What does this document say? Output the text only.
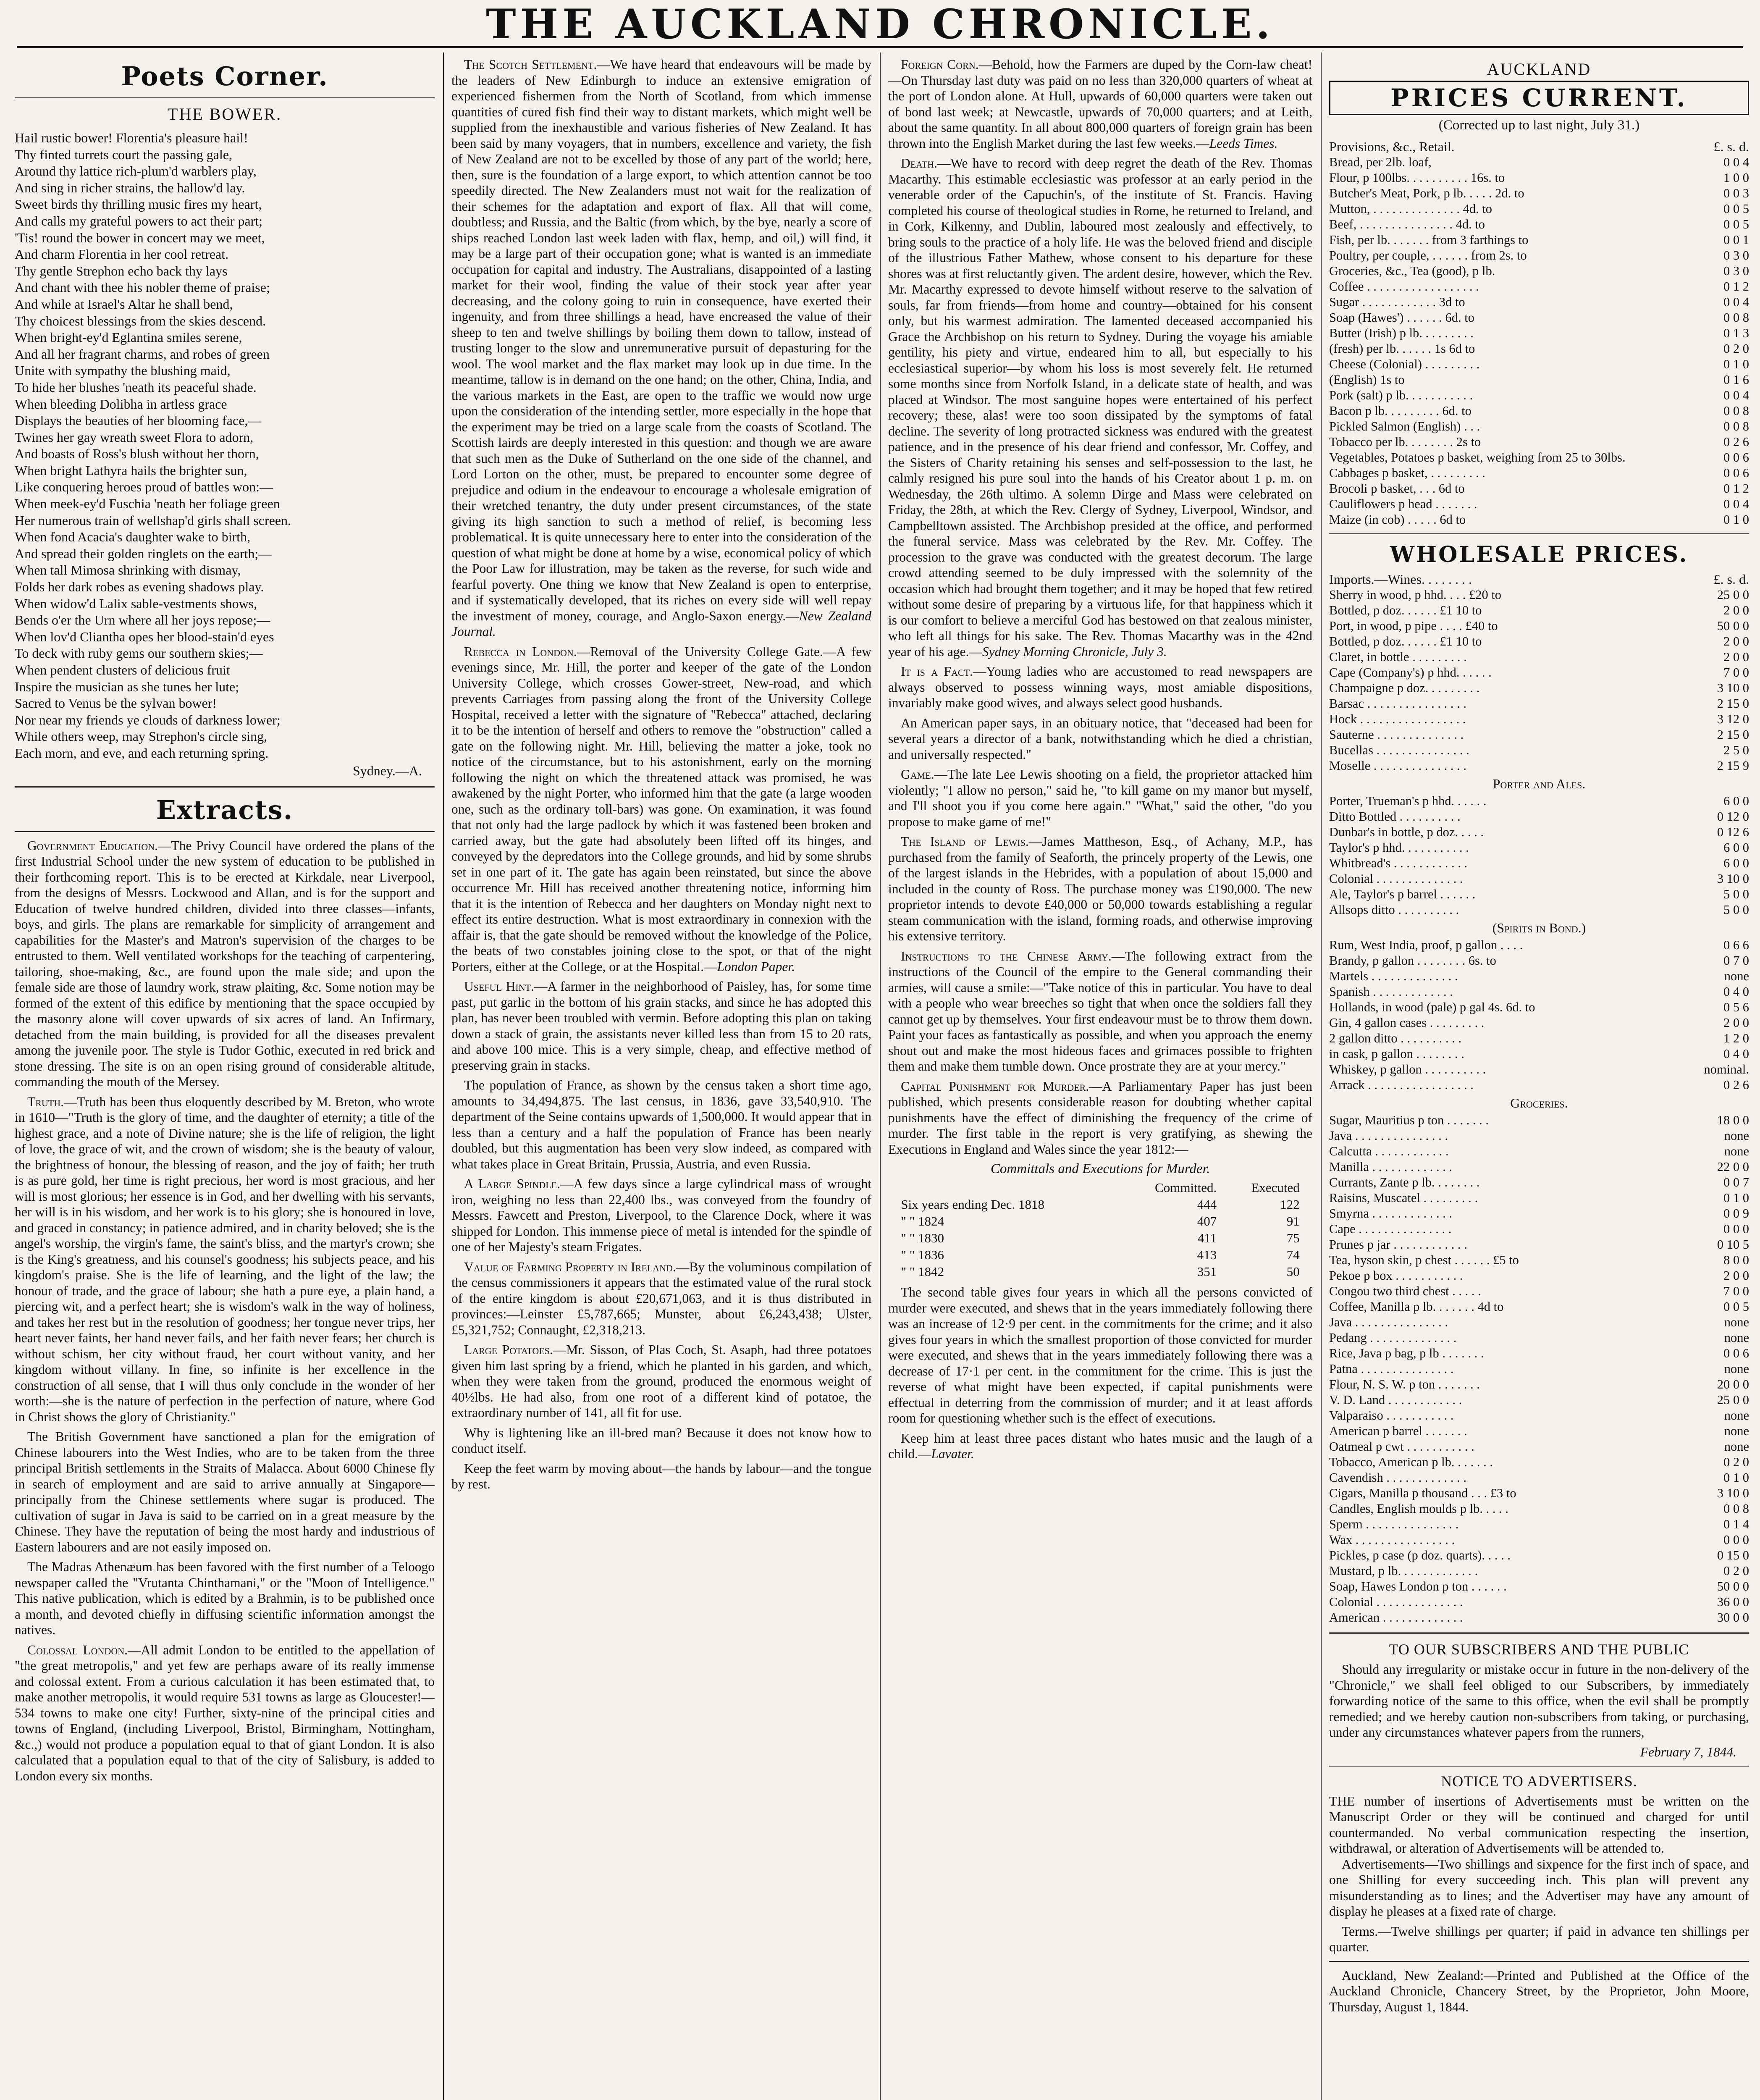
THE AUCKLAND CHRONICLE.
Poets Corner.
THE BOWER.
Hail rustic bower! Florentia's pleasure hail!
Thy finted turrets court the passing gale,
Around thy lattice rich-plum'd warblers play,
And sing in richer strains, the hallow'd lay.
Sweet birds thy thrilling music fires my heart,
And calls my grateful powers to act their part;
'Tis! round the bower in concert may we meet,
And charm Florentia in her cool retreat.
Thy gentle Strephon echo back thy lays
And chant with thee his nobler theme of praise;
And while at Israel's Altar he shall bend,
Thy choicest blessings from the skies descend.
When bright-ey'd Eglantina smiles serene,
And all her fragrant charms, and robes of green
Unite with sympathy the blushing maid,
To hide her blushes 'neath its peaceful shade.
When bleeding Dolibha in artless grace
Displays the beauties of her blooming face,—
Twines her gay wreath sweet Flora to adorn,
And boasts of Ross's blush without her thorn,
When bright Lathyra hails the brighter sun,
Like conquering heroes proud of battles won:—
When meek-ey'd Fuschia 'neath her foliage green
Her numerous train of wellshap'd girls shall screen.
When fond Acacia's daughter wake to birth,
And spread their golden ringlets on the earth;—
When tall Mimosa shrinking with dismay,
Folds her dark robes as evening shadows play.
When widow'd Lalix sable-vestments shows,
Bends o'er the Urn where all her joys repose;—
When lov'd Cliantha opes her blood-stain'd eyes
To deck with ruby gems our southern skies;—
When pendent clusters of delicious fruit
Inspire the musician as she tunes her lute;
Sacred to Venus be the sylvan bower!
Nor near my friends ye clouds of darkness lower;
While others weep, may Strephon's circle sing,
Each morn, and eve, and each returning spring.
Sydney.—A.
Extracts.

Government Education.—The Privy Council have ordered the plans of the first Industrial School under the new system of education to be published in their forthcoming report. This is to be erected at Kirkdale, near Liverpool, from the designs of Messrs. Lockwood and Allan, and is for the support and Education of twelve hundred children, divided into three classes—infants, boys, and girls. The plans are remarkable for simplicity of arrangement and capabilities for the Master's and Matron's supervision of the charges to be entrusted to them. Well ventilated workshops for the teaching of carpentering, tailoring, shoe-making, &c., are found upon the male side; and upon the female side are those of laundry work, straw plaiting, &c. Some notion may be formed of the extent of this edifice by mentioning that the space occupied by the masonry alone will cover upwards of six acres of land. An Infirmary, detached from the main building, is provided for all the diseases prevalent among the juvenile poor. The style is Tudor Gothic, executed in red brick and stone dressing. The site is on an open rising ground of considerable altitude, commanding the mouth of the Mersey.

Truth.—Truth has been thus eloquently described by M. Breton, who wrote in 1610—"Truth is the glory of time, and the daughter of eternity; a title of the highest grace, and a note of Divine nature; she is the life of religion, the light of love, the grace of wit, and the crown of wisdom; she is the beauty of valour, the brightness of honour, the blessing of reason, and the joy of faith; her truth is as pure gold, her time is right precious, her word is most gracious, and her will is most glorious; her essence is in God, and her dwelling with his servants, her will is in his wisdom, and her work is to his glory; she is honoured in love, and graced in constancy; in patience admired, and in charity beloved; she is the angel's worship, the virgin's fame, the saint's bliss, and the martyr's crown; she is the King's greatness, and his counsel's goodness; his subjects peace, and his kingdom's praise. She is the life of learning, and the light of the law; the honour of trade, and the grace of labour; she hath a pure eye, a plain hand, a piercing wit, and a perfect heart; she is wisdom's walk in the way of holiness, and takes her rest but in the resolution of goodness; her tongue never trips, her heart never faints, her hand never fails, and her faith never fears; her church is without schism, her city without fraud, her court without vanity, and her kingdom without villany. In fine, so infinite is her excellence in the construction of all sense, that I will thus only conclude in the wonder of her worth:—she is the nature of perfection in the perfection of nature, where God in Christ shows the glory of Christianity."

The British Government have sanctioned a plan for the emigration of Chinese labourers into the West Indies, who are to be taken from the three principal British settlements in the Straits of Malacca. About 6000 Chinese fly in search of employment and are said to arrive annually at Singapore—principally from the Chinese settlements where sugar is produced. The cultivation of sugar in Java is said to be carried on in a great measure by the Chinese. They have the reputation of being the most hardy and industrious of Eastern labourers and are not easily imposed on.

The Madras Athenæum has been favored with the first number of a Teloogo newspaper called the "Vrutanta Chinthamani," or the "Moon of Intelligence." This native publication, which is edited by a Brahmin, is to be published once a month, and devoted chiefly in diffusing scientific information amongst the natives.

Colossal London.—All admit London to be entitled to the appellation of "the great metropolis," and yet few are perhaps aware of its really immense and colossal extent. From a curious calculation it has been estimated that, to make another metropolis, it would require 531 towns as large as Gloucester!—534 towns to make one city! Further, sixty-nine of the principal cities and towns of England, (including Liverpool, Bristol, Birmingham, Nottingham, &c.,) would not produce a population equal to that of giant London. It is also calculated that a population equal to that of the city of Salisbury, is added to London every six months.

The Scotch Settlement.—We have heard that endeavours will be made by the leaders of New Edinburgh to induce an extensive emigration of experienced fishermen from the North of Scotland, from which immense quantities of cured fish find their way to distant markets, which might well be supplied from the inexhaustible and various fisheries of New Zealand. It has been said by many voyagers, that in numbers, excellence and variety, the fish of New Zealand are not to be excelled by those of any part of the world; here, then, sure is the foundation of a large export, to which attention cannot be too speedily directed. The New Zealanders must not wait for the realization of their schemes for the adaptation and export of flax. All that will come, doubtless; and Russia, and the Baltic (from which, by the bye, nearly a score of ships reached London last week laden with flax, hemp, and oil,) will find, it may be a large part of their occupation gone; what is wanted is an immediate occupation for capital and industry. The Australians, disappointed of a lasting market for their wool, finding the value of their stock year after year decreasing, and the colony going to ruin in consequence, have exerted their ingenuity, and from three shillings a head, have encreased the value of their sheep to ten and twelve shillings by boiling them down to tallow, instead of trusting longer to the slow and unremunerative pursuit of depasturing for the wool. The wool market and the flax market may look up in due time. In the meantime, tallow is in demand on the one hand; on the other, China, India, and the various markets in the East, are open to the traffic we would now urge upon the consideration of the intending settler, more especially in the hope that the experiment may be tried on a large scale from the coasts of Scotland. The Scottish lairds are deeply interested in this question: and though we are aware that such men as the Duke of Sutherland on the one side of the channel, and Lord Lorton on the other, must, be prepared to encounter some degree of prejudice and odium in the endeavour to encourage a wholesale emigration of their wretched tenantry, the duty under present circumstances, of the state giving its high sanction to such a method of relief, is becoming less problematical. It is quite unnecessary here to enter into the consideration of the question of what might be done at home by a wise, economical policy of which the Poor Law for illustration, may be taken as the reverse, for such wide and fearful poverty. One thing we know that New Zealand is open to enterprise, and if systematically developed, that its riches on every side will well repay the investment of money, courage, and Anglo-Saxon energy.—New Zealand Journal.

Rebecca in London.—Removal of the University College Gate.—A few evenings since, Mr. Hill, the porter and keeper of the gate of the London University College, which crosses Gower-street, New-road, and which prevents Carriages from passing along the front of the University College Hospital, received a letter with the signature of "Rebecca" attached, declaring it to be the intention of herself and others to remove the "obstruction" called a gate on the following night. Mr. Hill, believing the matter a joke, took no notice of the circumstance, but to his astonishment, early on the morning following the night on which the threatened attack was promised, he was awakened by the night Porter, who informed him that the gate (a large wooden one, such as the ordinary toll-bars) was gone. On examination, it was found that not only had the large padlock by which it was fastened been broken and carried away, but the gate had absolutely been lifted off its hinges, and conveyed by the depredators into the College grounds, and hid by some shrubs set in one part of it. The gate has again been reinstated, but since the above occurrence Mr. Hill has received another threatening notice, informing him that it is the intention of Rebecca and her daughters on Monday night next to effect its entire destruction. What is most extraordinary in connexion with the affair is, that the gate should be removed without the knowledge of the Police, the beats of two constables joining close to the spot, or that of the night Porters, either at the College, or at the Hospital.—London Paper.

Useful Hint.—A farmer in the neighborhood of Paisley, has, for some time past, put garlic in the bottom of his grain stacks, and since he has adopted this plan, has never been troubled with vermin. Before adopting this plan on taking down a stack of grain, the assistants never killed less than from 15 to 20 rats, and above 100 mice. This is a very simple, cheap, and effective method of preserving grain in stacks.

The population of France, as shown by the census taken a short time ago, amounts to 34,494,875. The last census, in 1836, gave 33,540,910. The department of the Seine contains upwards of 1,500,000. It would appear that in less than a century and a half the population of France has been nearly doubled, but this augmentation has been very slow indeed, as compared with what takes place in Great Britain, Prussia, Austria, and even Russia.

A Large Spindle.—A few days since a large cylindrical mass of wrought iron, weighing no less than 22,400 lbs., was conveyed from the foundry of Messrs. Fawcett and Preston, Liverpool, to the Clarence Dock, where it was shipped for London. This immense piece of metal is intended for the spindle of one of her Majesty's steam Frigates.

Value of Farming Property in Ireland.—By the voluminous compilation of the census commissioners it appears that the estimated value of the rural stock of the entire kingdom is about £20,671,063, and it is thus distributed in provinces:—Leinster £5,787,665; Munster, about £6,243,438; Ulster, £5,321,752; Connaught, £2,318,213.

Large Potatoes.—Mr. Sisson, of Plas Coch, St. Asaph, had three potatoes given him last spring by a friend, which he planted in his garden, and which, when they were taken from the ground, produced the enormous weight of 40½lbs. He had also, from one root of a different kind of potatoe, the extraordinary number of 141, all fit for use.

Why is lightening like an ill-bred man? Because it does not know how to conduct itself.

Keep the feet warm by moving about—the hands by labour—and the tongue by rest.

Foreign Corn.—Behold, how the Farmers are duped by the Corn-law cheat!—On Thursday last duty was paid on no less than 320,000 quarters of wheat at the port of London alone. At Hull, upwards of 60,000 quarters were taken out of bond last week; at Newcastle, upwards of 70,000 quarters; and at Leith, about the same quantity. In all about 800,000 quarters of foreign grain has been thrown into the English Market during the last few weeks.—Leeds Times.

Death.—We have to record with deep regret the death of the Rev. Thomas Macarthy. This estimable ecclesiastic was professor at an early period in the venerable order of the Capuchin's, of the institute of St. Francis. Having completed his course of theological studies in Rome, he returned to Ireland, and in Cork, Kilkenny, and Dublin, laboured most zealously and effectively, to bring souls to the practice of a holy life. He was the beloved friend and disciple of the illustrious Father Mathew, whose consent to his departure for these shores was at first reluctantly given. The ardent desire, however, which the Rev. Mr. Macarthy expressed to devote himself without reserve to the salvation of souls, far from friends—from home and country—obtained for his consent only, but his warmest admiration. The lamented deceased accompanied his Grace the Archbishop on his return to Sydney. During the voyage his amiable gentility, his piety and virtue, endeared him to all, but especially to his ecclesiastical superior—by whom his loss is most severely felt. He returned some months since from Norfolk Island, in a delicate state of health, and was placed at Windsor. The most sanguine hopes were entertained of his perfect recovery; these, alas! were too soon dissipated by the symptoms of fatal decline. The severity of long protracted sickness was endured with the greatest patience, and in the presence of his dear friend and confessor, Mr. Coffey, and the Sisters of Charity retaining his senses and self-possession to the last, he calmly resigned his pure soul into the hands of his Creator about 1 p. m. on Wednesday, the 26th ultimo. A solemn Dirge and Mass were celebrated on Friday, the 28th, at which the Rev. Clergy of Sydney, Liverpool, Windsor, and Campbelltown assisted. The Archbishop presided at the office, and performed the funeral service. Mass was celebrated by the Rev. Mr. Coffey. The procession to the grave was conducted with the greatest decorum. The large crowd attending seemed to be duly impressed with the solemnity of the occasion which had brought them together; and it may be hoped that few retired without some desire of preparing by a virtuous life, for that happiness which it is our comfort to believe a merciful God has bestowed on that zealous minister, who left all things for his sake. The Rev. Thomas Macarthy was in the 42nd year of his age.—Sydney Morning Chronicle, July 3.

It is a Fact.—Young ladies who are accustomed to read newspapers are always observed to possess winning ways, most amiable dispositions, invariably make good wives, and always select good husbands.

An American paper says, in an obituary notice, that "deceased had been for several years a director of a bank, notwithstanding which he died a christian, and universally respected."

Game.—The late Lee Lewis shooting on a field, the proprietor attacked him violently; "I allow no person," said he, "to kill game on my manor but myself, and I'll shoot you if you come here again." "What," said the other, "do you propose to make game of me!"

The Island of Lewis.—James Mattheson, Esq., of Achany, M.P., has purchased from the family of Seaforth, the princely property of the Lewis, one of the largest islands in the Hebrides, with a population of about 15,000 and included in the county of Ross. The purchase money was £190,000. The new proprietor intends to devote £40,000 or 50,000 towards establishing a regular steam communication with the island, forming roads, and otherwise improving his extensive territory.

Instructions to the Chinese Army.—The following extract from the instructions of the Council of the empire to the General commanding their armies, will cause a smile:—"Take notice of this in particular. You have to deal with a people who wear breeches so tight that when once the soldiers fall they cannot get up by themselves. Your first endeavour must be to throw them down. Paint your faces as fantastically as possible, and when you approach the enemy shout out and make the most hideous faces and grimaces possible to frighten them and make them tumble down. Once prostrate they are at your mercy."

Capital Punishment for Murder.—A Parliamentary Paper has just been published, which presents considerable reason for doubting whether capital punishments have the effect of diminishing the frequency of the crime of murder. The first table in the report is very gratifying, as shewing the Executions in England and Wales since the year 1812:—

Committals and Executions for Murder.
	Committed.	Executed
Six years ending Dec. 1818	444	122
" " 1824	407	91
" " 1830	411	75
" " 1836	413	74
" " 1842	351	50

The second table gives four years in which all the persons convicted of murder were executed, and shews that in the years immediately following there was an increase of 12·9 per cent. in the commitments for the crime; and it also gives four years in which the smallest proportion of those convicted for murder were executed, and shews that in the years immediately following there was a decrease of 17·1 per cent. in the commitment for the crime. This is just the reverse of what might have been expected, if capital punishments were effectual in deterring from the commission of murder; and it at least affords room for questioning whether such is the effect of executions.

Keep him at least three paces distant who hates music and the laugh of a child.—Lavater.

AUCKLAND
PRICES CURRENT.
(Corrected up to last night, July 31.)
Provisions, &c., Retail.	£. s. d.
Bread, per 2lb. loaf,	0 0 4
Flour, p 100lbs. . . . . . . . . . 16s. to	1 0 0
Butcher's Meat, Pork, p lb. . . . . 2d. to	0 0 3
Mutton, . . . . . . . . . . . . . . 4d. to	0 0 5
Beef, . . . . . . . . . . . . . . . 4d. to	0 0 5
Fish, per lb. . . . . . . from 3 farthings to	0 0 1
Poultry, per couple, . . . . . . from 2s. to	0 3 0
Groceries, &c., Tea (good), p lb.	0 3 0
Coffee . . . . . . . . . . . . . . . . . .	0 1 2
Sugar . . . . . . . . . . . . 3d to	0 0 4
Soap (Hawes') . . . . . . 6d. to	0 0 8
Butter (Irish) p lb. . . . . . . . .	0 1 3
(fresh) per lb. . . . . . 1s 6d to	0 2 0
Cheese (Colonial) . . . . . . . . .	0 1 0
(English) 1s to	0 1 6
Pork (salt) p lb. . . . . . . . . . .	0 0 4
Bacon p lb. . . . . . . . . 6d. to	0 0 8
Pickled Salmon (English) . . .	0 0 8
Tobacco per lb. . . . . . . . 2s to	0 2 6
Vegetables, Potatoes p basket, weighing from 25 to 30lbs.	0 0 6
Cabbages p basket, . . . . . . . . .	0 0 6
Brocoli p basket, . . . 6d to	0 1 2
Cauliflowers p head . . . . . . .	0 0 4
Maize (in cob) . . . . . 6d to	0 1 0
WHOLESALE PRICES.
Imports.—Wines. . . . . . . .	£. s. d.
Sherry in wood, p hhd. . . . £20 to	25 0 0
Bottled, p doz. . . . . . £1 10 to	2 0 0
Port, in wood, p pipe . . . . £40 to	50 0 0
Bottled, p doz. . . . . . £1 10 to	2 0 0
Claret, in bottle . . . . . . . . .	2 0 0
Cape (Company's) p hhd. . . . . .	7 0 0
Champaigne p doz. . . . . . . . .	3 10 0
Barsac . . . . . . . . . . . . . . . .	2 15 0
Hock . . . . . . . . . . . . . . . . .	3 12 0
Sauterne . . . . . . . . . . . . . .	2 15 0
Bucellas . . . . . . . . . . . . . . .	2 5 0
Moselle . . . . . . . . . . . . . . .	2 15 9
Porter and Ales.	
Porter, Trueman's p hhd. . . . . .	6 0 0
Ditto Bottled . . . . . . . . . .	0 12 0
Dunbar's in bottle, p doz. . . . .	0 12 6
Taylor's p hhd. . . . . . . . . . .	6 0 0
Whitbread's . . . . . . . . . . . .	6 0 0
Colonial . . . . . . . . . . . . . .	3 10 0
Ale, Taylor's p barrel . . . . . .	5 0 0
Allsops ditto . . . . . . . . . .	5 0 0
(Spirits in Bond.)	
Rum, West India, proof, p gallon . . . .	0 6 6
Brandy, p gallon . . . . . . . . 6s. to	0 7 0
Martels . . . . . . . . . . . . . .	none
Spanish . . . . . . . . . . . . .	0 4 0
Hollands, in wood (pale) p gal 4s. 6d. to	0 5 6
Gin, 4 gallon cases . . . . . . . . .	2 0 0
2 gallon ditto . . . . . . . . . .	1 2 0
in cask, p gallon . . . . . . . .	0 4 0
Whiskey, p gallon . . . . . . . . . .	nominal.
Arrack . . . . . . . . . . . . . . . . .	0 2 6
Groceries.	
Sugar, Mauritius p ton . . . . . . .	18 0 0
Java . . . . . . . . . . . . . . .	none
Calcutta . . . . . . . . . . . .	none
Manilla . . . . . . . . . . . . .	22 0 0
Currants, Zante p lb. . . . . . . .	0 0 7
Raisins, Muscatel . . . . . . . . .	0 1 0
Smyrna . . . . . . . . . . . . .	0 0 9
Cape . . . . . . . . . . . . . . .	0 0 0
Prunes p jar . . . . . . . . . . . .	0 10 5
Tea, hyson skin, p chest . . . . . . £5 to	8 0 0
Pekoe p box . . . . . . . . . . .	2 0 0
Congou two third chest . . . . .	7 0 0
Coffee, Manilla p lb. . . . . . . 4d to	0 0 5
Java . . . . . . . . . . . . . . .	none
Pedang . . . . . . . . . . . . . .	none
Rice, Java p bag, p lb . . . . . . .	0 0 6
Patna . . . . . . . . . . . . . . .	none
Flour, N. S. W. p ton . . . . . . .	20 0 0
V. D. Land . . . . . . . . . . . .	25 0 0
Valparaiso . . . . . . . . . . .	none
American p barrel . . . . . . .	none
Oatmeal p cwt . . . . . . . . . . .	none
Tobacco, American p lb. . . . . . .	0 2 0
Cavendish . . . . . . . . . . . . .	0 1 0
Cigars, Manilla p thousand . . . £3 to	3 10 0
Candles, English moulds p lb. . . . .	0 0 8
Sperm . . . . . . . . . . . . . . .	0 1 4
Wax . . . . . . . . . . . . . . . .	0 0 0
Pickles, p case (p doz. quarts). . . . .	0 15 0
Mustard, p lb. . . . . . . . . . . . .	0 2 0
Soap, Hawes London p ton . . . . . .	50 0 0
Colonial . . . . . . . . . . . . . .	36 0 0
American . . . . . . . . . . . . .	30 0 0
TO OUR SUBSCRIBERS AND THE PUBLIC
Should any irregularity or mistake occur in future in the non-delivery of the "Chronicle," we shall feel obliged to our Subscribers, by immediately forwarding notice of the same to this office, when the evil shall be promptly remedied; and we hereby caution non-subscribers from taking, or purchasing, under any circumstances whatever papers from the runners,
February 7, 1844.
NOTICE TO ADVERTISERS.
THE number of insertions of Advertisements must be written on the Manuscript Order or they will be continued and charged for until countermanded. No verbal communication respecting the insertion, withdrawal, or alteration of Advertisements will be attended to.
Advertisements—Two shillings and sixpence for the first inch of space, and one Shilling for every succeeding inch. This plan will prevent any misunderstanding as to lines; and the Advertiser may have any amount of display he pleases at a fixed rate of charge.
Terms.—Twelve shillings per quarter; if paid in advance ten shillings per quarter.
Auckland, New Zealand:—Printed and Published at the Office of the Auckland Chronicle, Chancery Street, by the Proprietor, John Moore, Thursday, August 1, 1844.
